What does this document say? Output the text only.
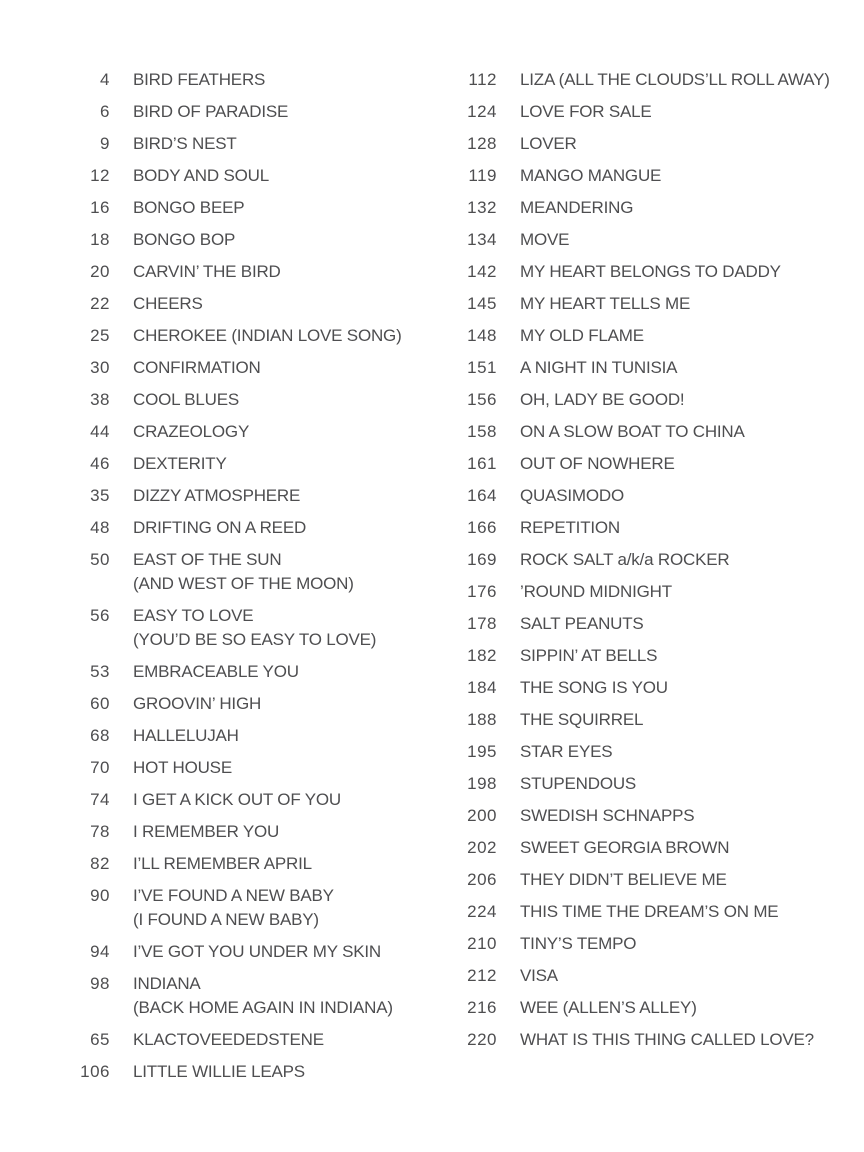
4 BIRD FEATHERS
6 BIRD OF PARADISE
9 BIRD’S NEST
12 BODY AND SOUL
16 BONGO BEEP
18 BONGO BOP
20 CARVIN’ THE BIRD
22 CHEERS
25 CHEROKEE (INDIAN LOVE SONG)
30 CONFIRMATION
38 COOL BLUES
44 CRAZEOLOGY
46 DEXTERITY
35 DIZZY ATMOSPHERE
48 DRIFTING ON A REED
50 EAST OF THE SUN
(AND WEST OF THE MOON)
56 EASY TO LOVE
(YOU’D BE SO EASY TO LOVE)
53 EMBRACEABLE YOU
60 GROOVIN’ HIGH
68 HALLELUJAH
70 HOT HOUSE
74 I GET A KICK OUT OF YOU
78 I REMEMBER YOU
82 I’LL REMEMBER APRIL
90 I’VE FOUND A NEW BABY
(I FOUND A NEW BABY)
94 I’VE GOT YOU UNDER MY SKIN
98 INDIANA
(BACK HOME AGAIN IN INDIANA)
65 KLACTOVEEDEDSTENE
106 LITTLE WILLIE LEAPS
112 LIZA (ALL THE CLOUDS’LL ROLL AWAY)
124 LOVE FOR SALE
128 LOVER
119 MANGO MANGUE
132 MEANDERING
134 MOVE
142 MY HEART BELONGS TO DADDY
145 MY HEART TELLS ME
148 MY OLD FLAME
151 A NIGHT IN TUNISIA
156 OH, LADY BE GOOD!
158 ON A SLOW BOAT TO CHINA
161 OUT OF NOWHERE
164 QUASIMODO
166 REPETITION
169 ROCK SALT a/k/a ROCKER
176 ’ROUND MIDNIGHT
178 SALT PEANUTS
182 SIPPIN’ AT BELLS
184 THE SONG IS YOU
188 THE SQUIRREL
195 STAR EYES
198 STUPENDOUS
200 SWEDISH SCHNAPPS
202 SWEET GEORGIA BROWN
206 THEY DIDN’T BELIEVE ME
224 THIS TIME THE DREAM’S ON ME
210 TINY’S TEMPO
212 VISA
216 WEE (ALLEN’S ALLEY)
220 WHAT IS THIS THING CALLED LOVE?
